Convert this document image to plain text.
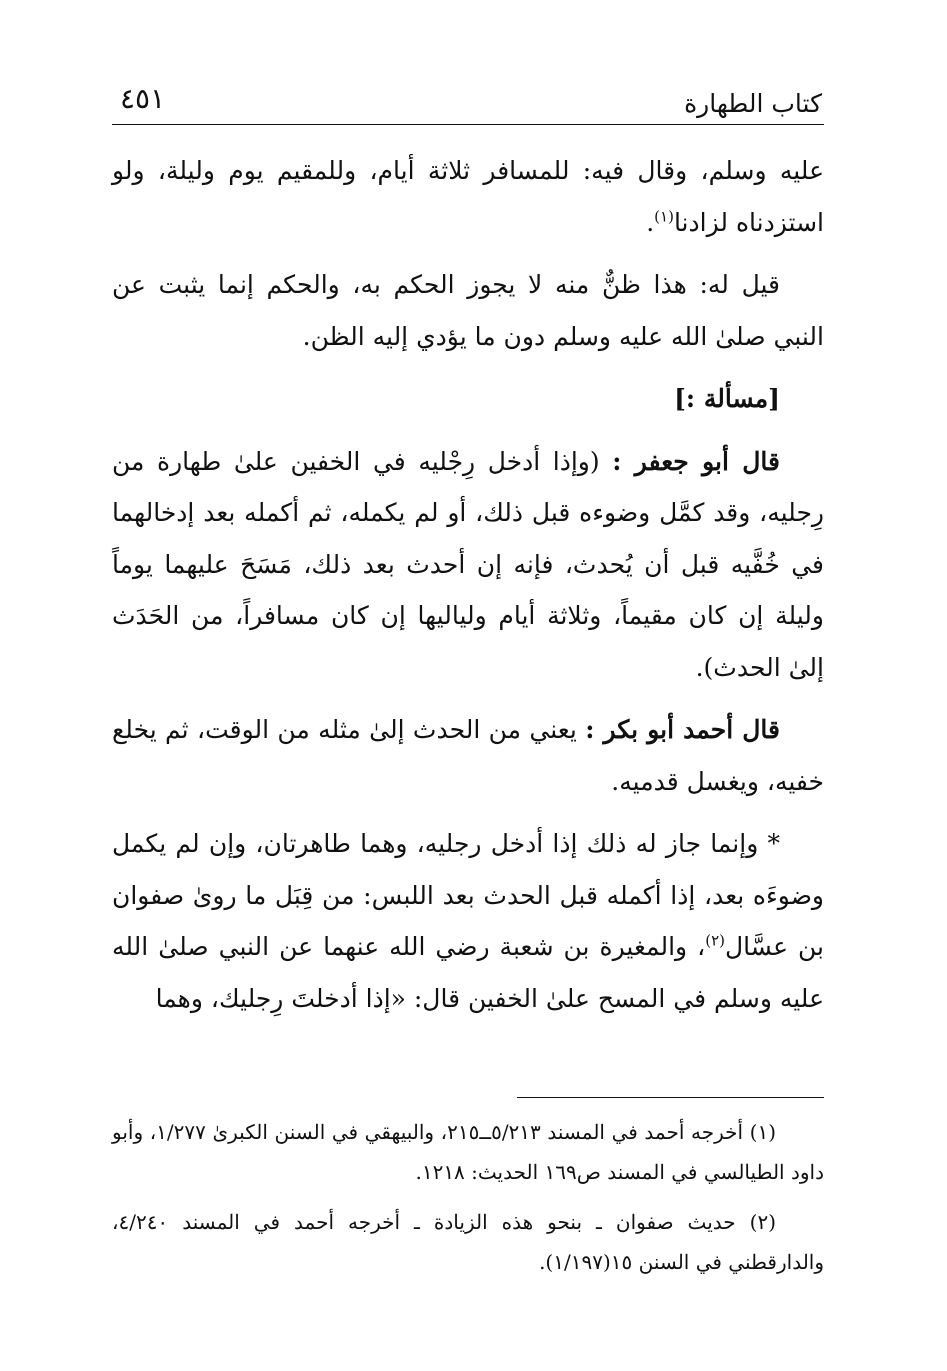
كتاب الطهارة
٤٥١

عليه وسلم، وقال فيه: للمسافر ثلاثة أيام، وللمقيم يوم وليلة، ولو استزدناه لزادنا$^{(١)}$.

قيل له: هذا ظنٌّ منه لا يجوز الحكم به، والحكم إنما يثبت عن النبي صلىٰ الله عليه وسلم دون ما يؤدي إليه الظن.

[مسألة :]

قال أبو جعفر : (وإذا أدخل رِجْليه في الخفين علىٰ طهارة من رِجليه، وقد كمَّل وضوءه قبل ذلك، أو لم يكمله، ثم أكمله بعد إدخالهما في خُفَّيه قبل أن يُحدث، فإنه إن أحدث بعد ذلك، مَسَحَ عليهما يوماً وليلة إن كان مقيماً، وثلاثة أيام ولياليها إن كان مسافراً، من الحَدَث إلىٰ الحدث).

قال أحمد أبو بكر : يعني من الحدث إلىٰ مثله من الوقت، ثم يخلع خفيه، ويغسل قدميه.

* وإنما جاز له ذلك إذا أدخل رجليه، وهما طاهرتان، وإن لم يكمل وضوءَه بعد، إذا أكمله قبل الحدث بعد اللبس: من قِبَل ما روىٰ صفوان بن عسَّال$^{(٢)}$، والمغيرة بن شعبة رضي الله عنهما عن النبي صلىٰ الله عليه وسلم في المسح علىٰ الخفين قال: «إذا أدخلتَ رِجليك، وهما

(١) أخرجه أحمد في المسند ٥/٢١٣ــ٢١٥، والبيهقي في السنن الكبرىٰ ١/٢٧٧، وأبو داود الطيالسي في المسند ص١٦٩ الحديث: ١٢١٨.

(٢) حديث صفوان ـ بنحو هذه الزيادة ـ أخرجه أحمد في المسند ٤/٢٤٠، والدارقطني في السنن ١٥(١/١٩٧).
